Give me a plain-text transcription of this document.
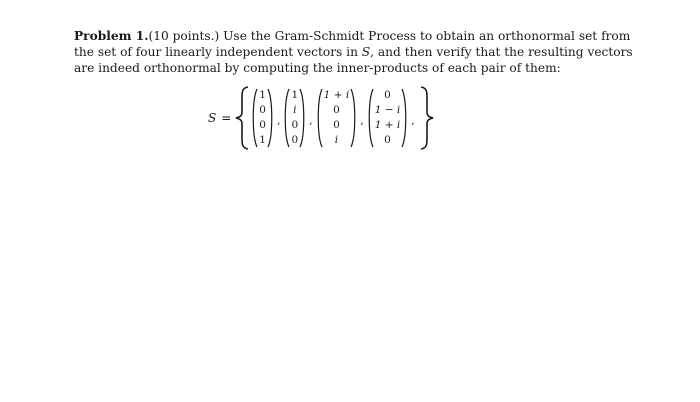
Problem 1.(10 points.) Use the Gram-Schmidt Process to obtain an orthonormal set from
the set of four linearly independent vectors in S, and then verify that the resulting vectors
are indeed orthonormal by computing the inner-products of each pair of them:
S =
1
0
0
1
,
1
i
0
0
,
1 + i
0
0
i
,
0
1 − i
1 + i
0
,
